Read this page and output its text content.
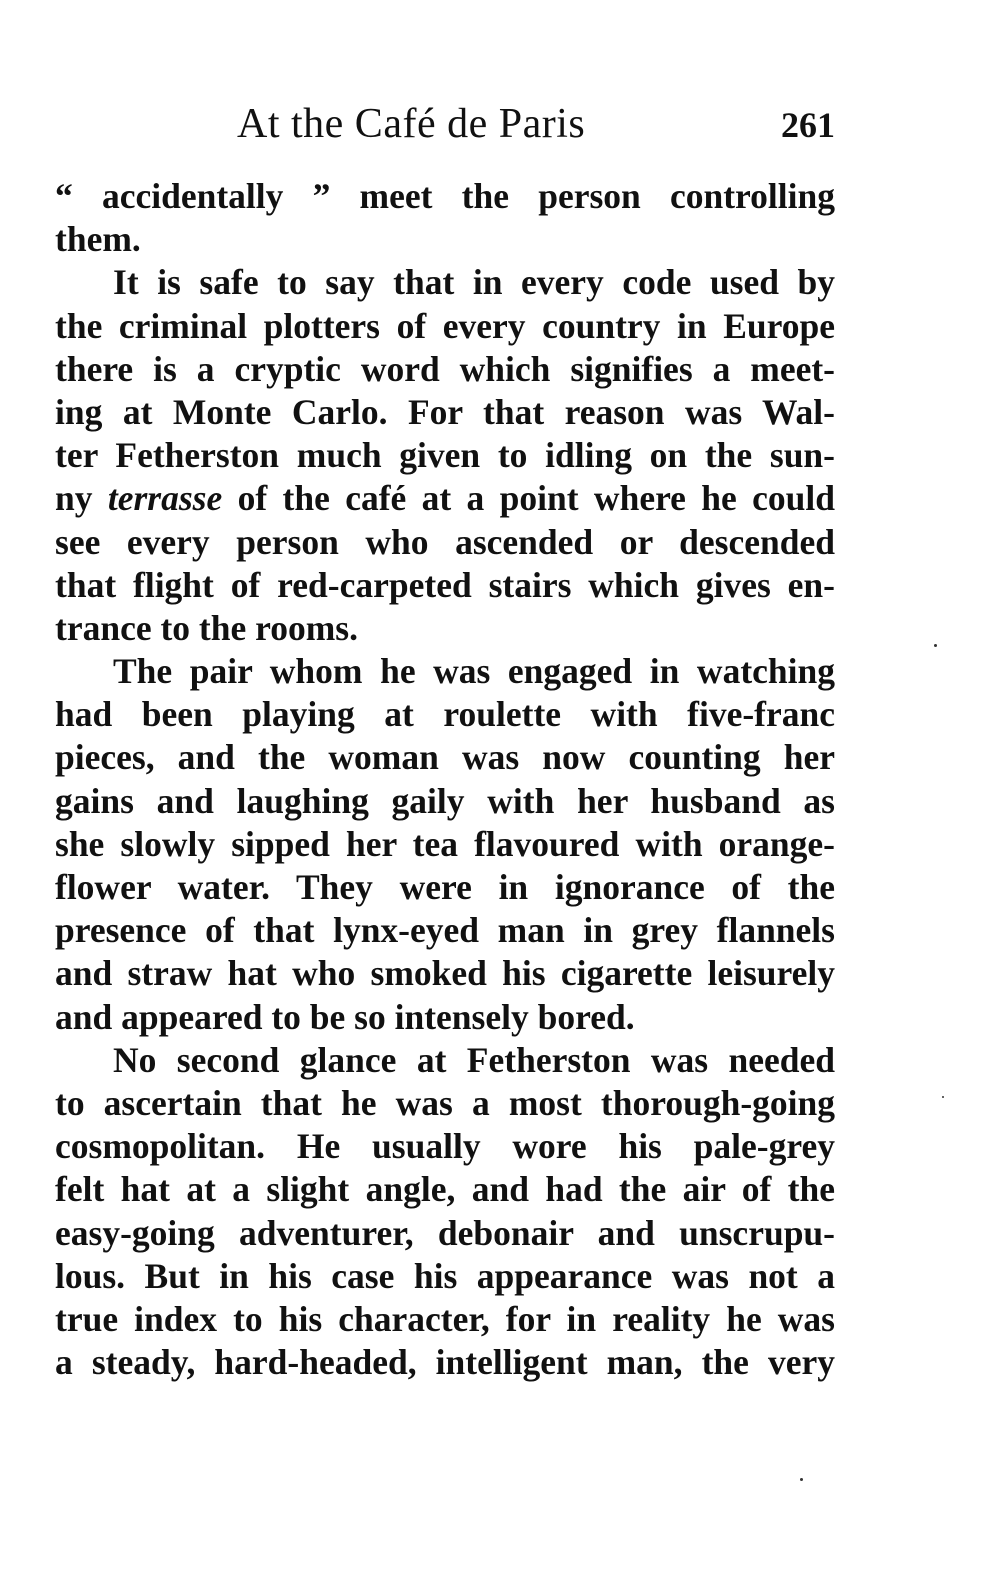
At the Café de Paris	261
“ accidentally ” meet the person controlling
them.
It is safe to say that in every code used by
the criminal plotters of every country in Europe
there is a cryptic word which signifies a meet-
ing at Monte Carlo. For that reason was Wal-
ter Fetherston much given to idling on the sun-
ny terrasse of the café at a point where he could
see every person who ascended or descended
that flight of red-carpeted stairs which gives en-
trance to the rooms.
The pair whom he was engaged in watching
had been playing at roulette with five-franc
pieces, and the woman was now counting her
gains and laughing gaily with her husband as
she slowly sipped her tea flavoured with orange-
flower water. They were in ignorance of the
presence of that lynx-eyed man in grey flannels
and straw hat who smoked his cigarette leisurely
and appeared to be so intensely bored.
No second glance at Fetherston was needed
to ascertain that he was a most thorough-going
cosmopolitan. He usually wore his pale-grey
felt hat at a slight angle, and had the air of the
easy-going adventurer, debonair and unscrupu-
lous. But in his case his appearance was not a
true index to his character, for in reality he was
a steady, hard-headed, intelligent man, the very
